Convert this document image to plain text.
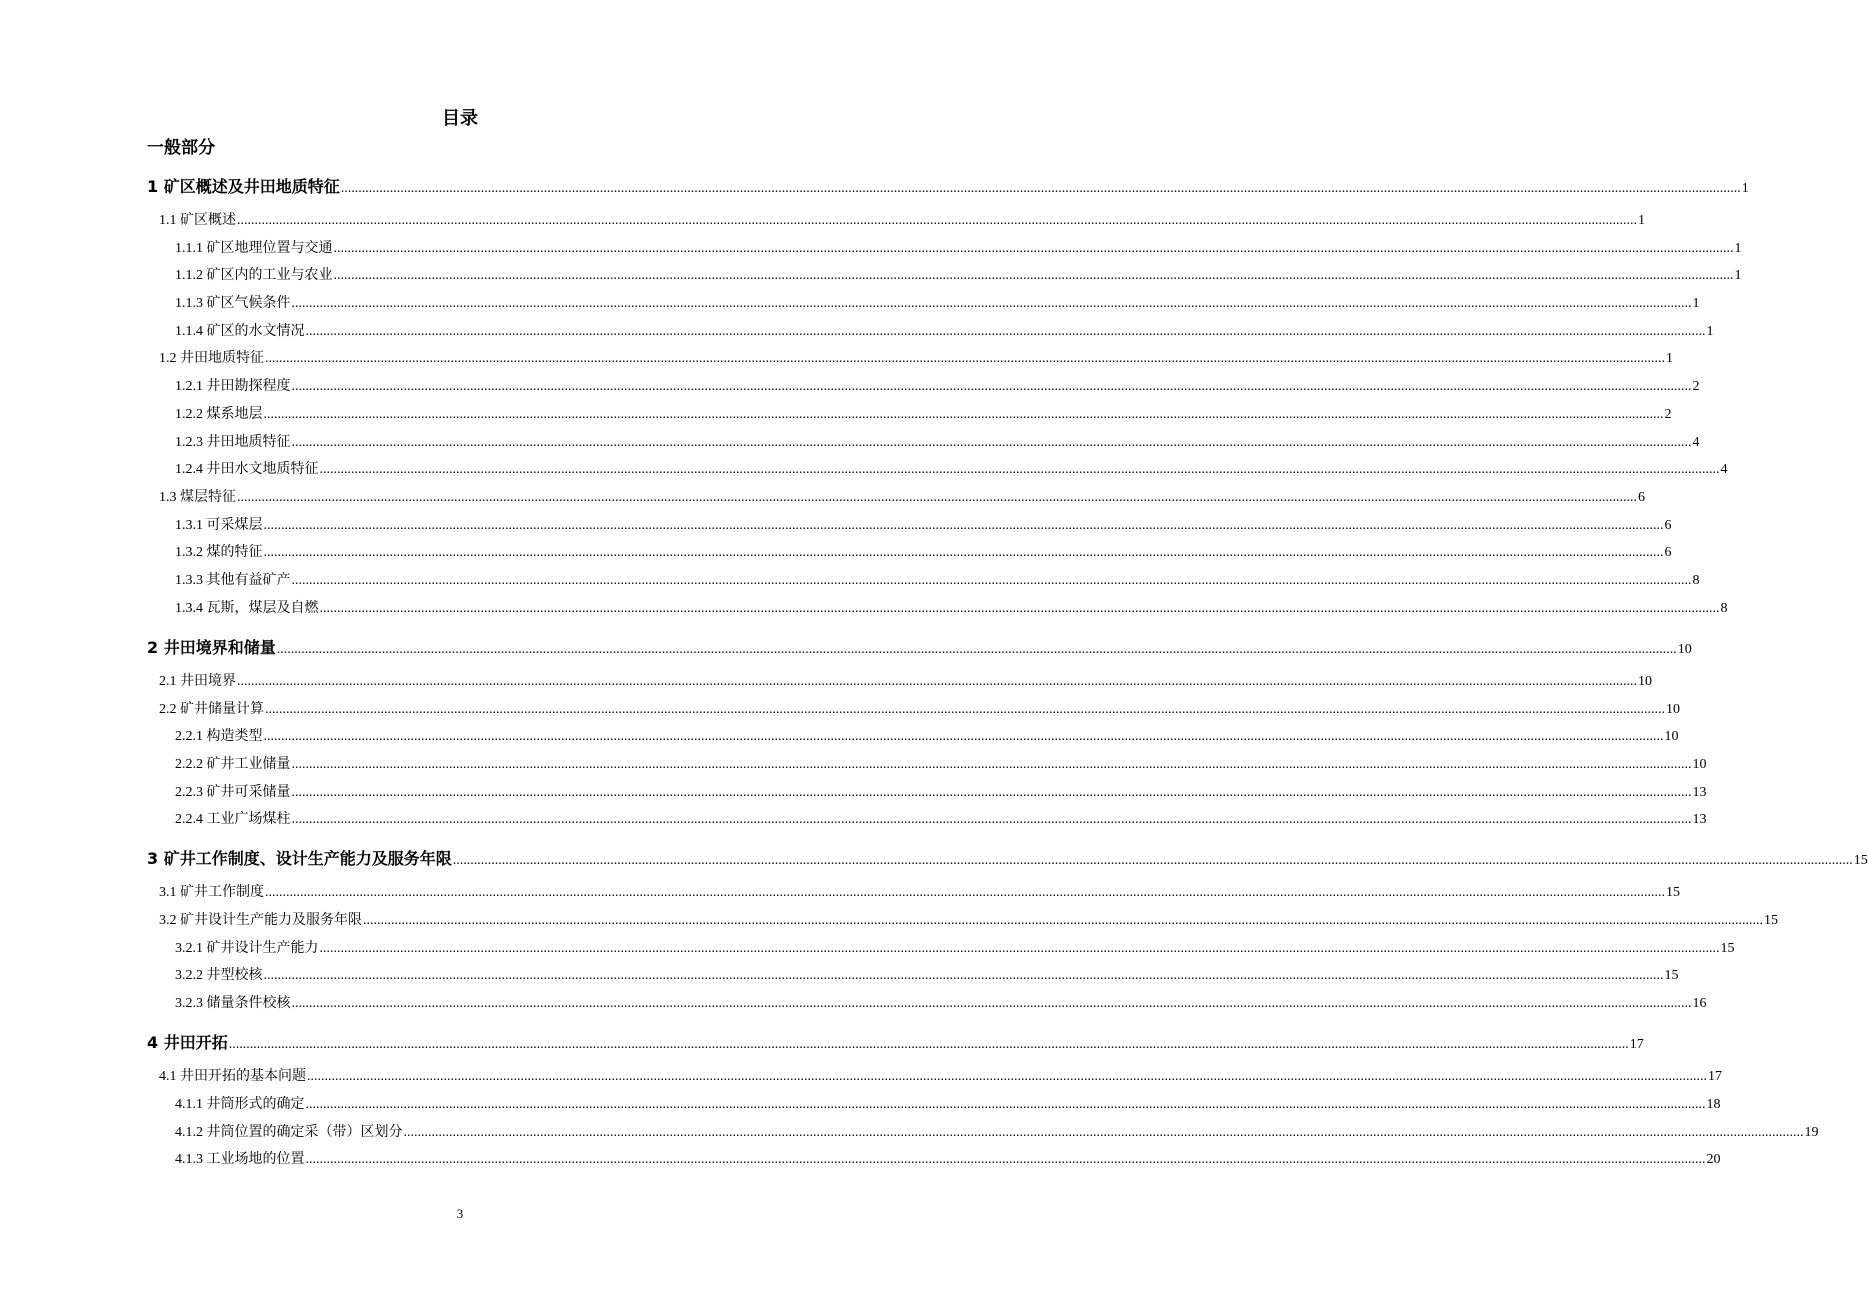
目录
一般部分
1 矿区概述及井田地质特征 ................................................................................................................................................................................................................................................................................................................................................................................................................ 1
1.1 矿区概述 ................................................................................................................................................................................................................................................................................................................................................................................................................ 1
1.1.1 矿区地理位置与交通 ................................................................................................................................................................................................................................................................................................................................................................................................................ 1
1.1.2 矿区内的工业与农业 ................................................................................................................................................................................................................................................................................................................................................................................................................ 1
1.1.3 矿区气候条件 ................................................................................................................................................................................................................................................................................................................................................................................................................ 1
1.1.4 矿区的水文情况 ................................................................................................................................................................................................................................................................................................................................................................................................................ 1
1.2 井田地质特征 ................................................................................................................................................................................................................................................................................................................................................................................................................ 1
1.2.1 井田勘探程度 ................................................................................................................................................................................................................................................................................................................................................................................................................ 2
1.2.2 煤系地层 ................................................................................................................................................................................................................................................................................................................................................................................................................ 2
1.2.3 井田地质特征 ................................................................................................................................................................................................................................................................................................................................................................................................................ 4
1.2.4 井田水文地质特征 ................................................................................................................................................................................................................................................................................................................................................................................................................ 4
1.3 煤层特征 ................................................................................................................................................................................................................................................................................................................................................................................................................ 6
1.3.1 可采煤层 ................................................................................................................................................................................................................................................................................................................................................................................................................ 6
1.3.2 煤的特征 ................................................................................................................................................................................................................................................................................................................................................................................................................ 6
1.3.3 其他有益矿产 ................................................................................................................................................................................................................................................................................................................................................................................................................ 8
1.3.4 瓦斯，煤层及自燃 ................................................................................................................................................................................................................................................................................................................................................................................................................ 8
2 井田境界和储量 ................................................................................................................................................................................................................................................................................................................................................................................................................ 10
2.1 井田境界 ................................................................................................................................................................................................................................................................................................................................................................................................................ 10
2.2 矿井储量计算 ................................................................................................................................................................................................................................................................................................................................................................................................................ 10
2.2.1 构造类型 ................................................................................................................................................................................................................................................................................................................................................................................................................ 10
2.2.2 矿井工业储量 ................................................................................................................................................................................................................................................................................................................................................................................................................ 10
2.2.3 矿井可采储量 ................................................................................................................................................................................................................................................................................................................................................................................................................ 13
2.2.4 工业广场煤柱 ................................................................................................................................................................................................................................................................................................................................................................................................................ 13
3 矿井工作制度、设计生产能力及服务年限 ................................................................................................................................................................................................................................................................................................................................................................................................................ 15
3.1 矿井工作制度 ................................................................................................................................................................................................................................................................................................................................................................................................................ 15
3.2 矿井设计生产能力及服务年限 ................................................................................................................................................................................................................................................................................................................................................................................................................ 15
3.2.1 矿井设计生产能力 ................................................................................................................................................................................................................................................................................................................................................................................................................ 15
3.2.2 井型校核 ................................................................................................................................................................................................................................................................................................................................................................................................................ 15
3.2.3 储量条件校核 ................................................................................................................................................................................................................................................................................................................................................................................................................ 16
4 井田开拓 ................................................................................................................................................................................................................................................................................................................................................................................................................ 17
4.1 井田开拓的基本问题 ................................................................................................................................................................................................................................................................................................................................................................................................................ 17
4.1.1 井筒形式的确定 ................................................................................................................................................................................................................................................................................................................................................................................................................ 18
4.1.2 井筒位置的确定采（带）区划分 ................................................................................................................................................................................................................................................................................................................................................................................................................ 19
4.1.3 工业场地的位置 ................................................................................................................................................................................................................................................................................................................................................................................................................ 20
3
